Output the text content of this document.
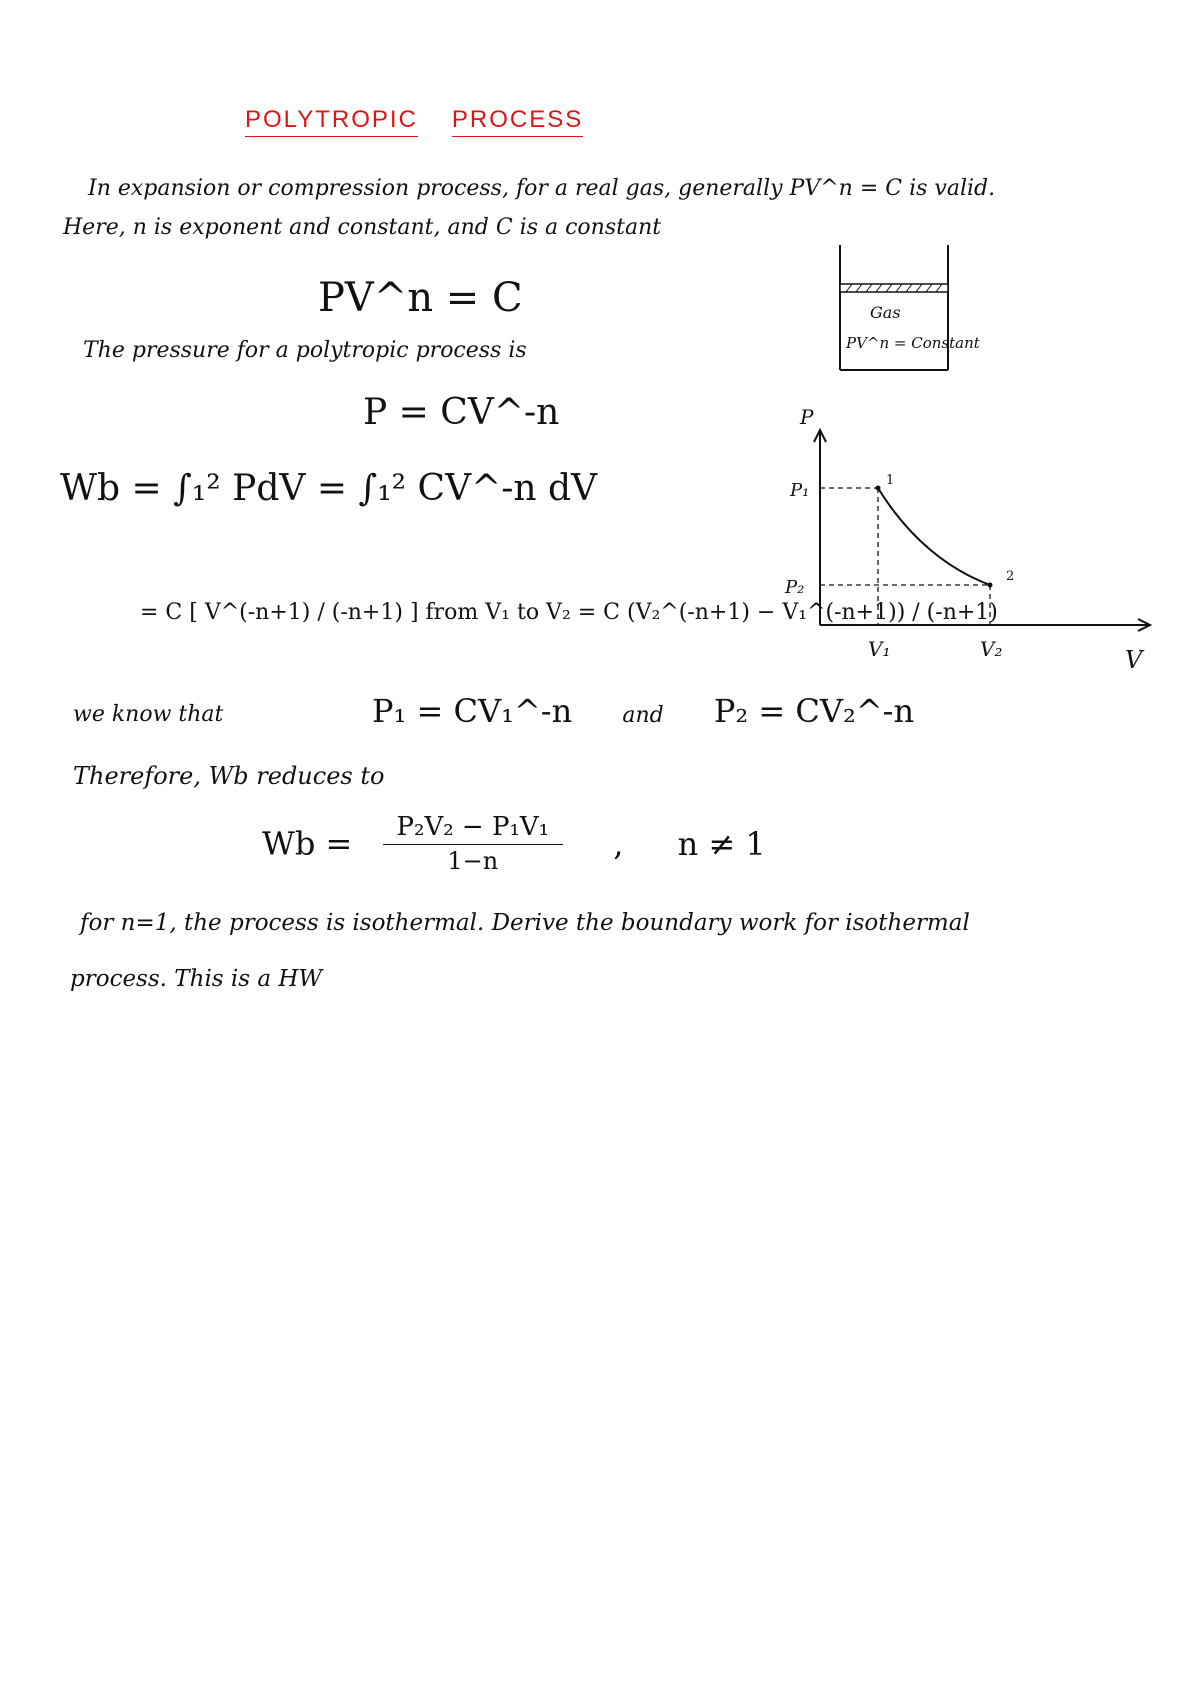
POLYTROPIC PROCESS
In expansion or compression process, for a real gas, generally PV^n = C is valid.
Here, n is exponent and constant, and C is a constant
PV^n = C
The pressure for a polytropic process is
P = CV^-n
Wb = ∫₁² PdV = ∫₁² CV^-n dV
= C [ V^(-n+1) / (-n+1) ] from V₁ to V₂ = C (V₂^(-n+1) − V₁^(-n+1)) / (-n+1)
we know that	P₁ = CV₁^-n and P₂ = CV₂^-n
Therefore, Wb reduces to
$Wb = \frac{\text{P₂V₂ − P₁V₁}}{1-n}$ , n ≠ 1
for n=1, the process is isothermal. Derive the boundary work for isothermal
process. This is a HW
Gas
PV^n = Constant
P
V
P₁
P₂
V₁	V₂
1
2
